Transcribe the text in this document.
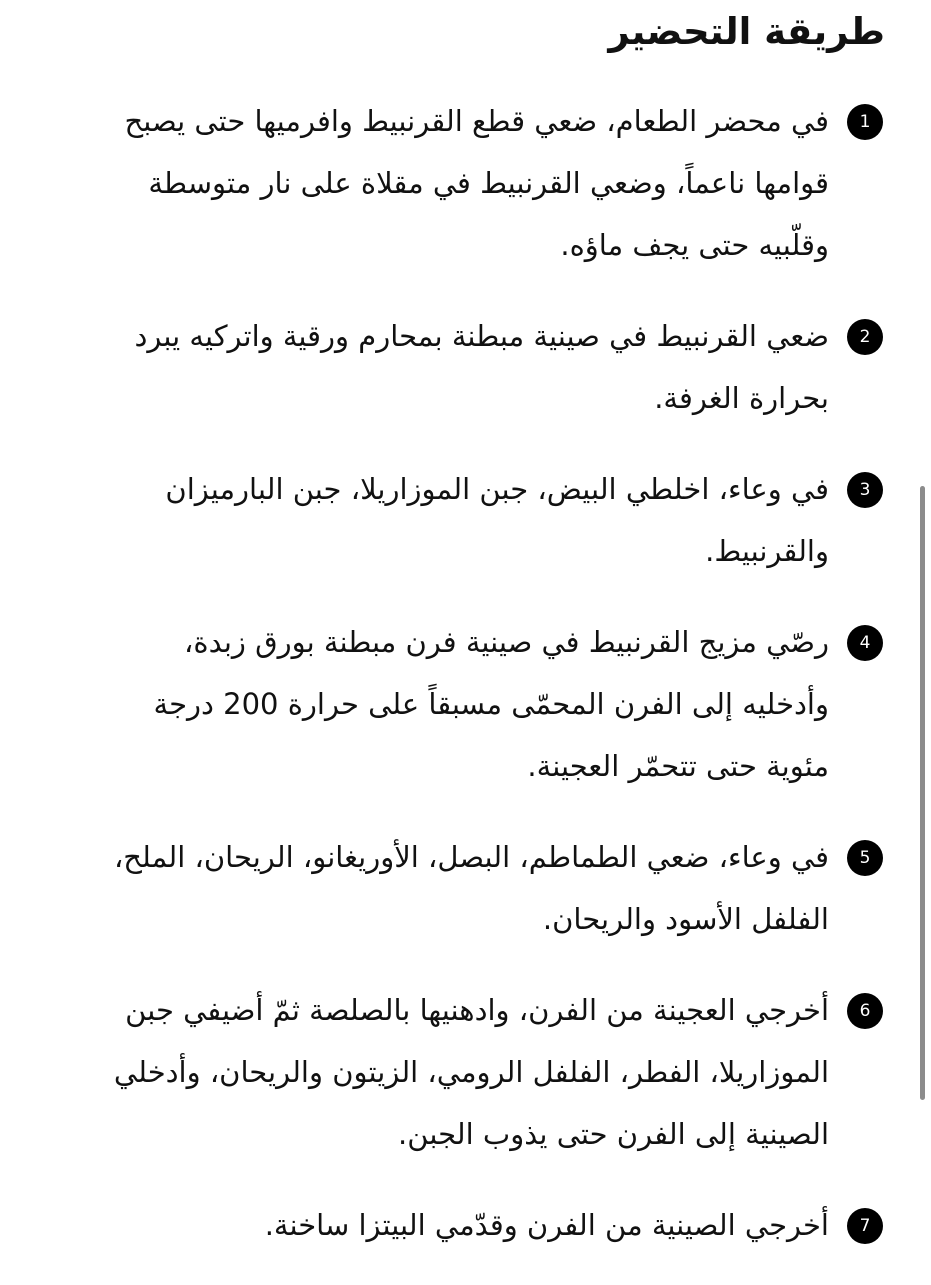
طريقة التحضير
1
في محضر الطعام، ضعي قطع القرنبيط وافرميها حتى يصبح قوامها ناعماً، وضعي القرنبيط في مقلاة على نار متوسطة وقلّبيه حتى يجف ماؤه.
2
ضعي القرنبيط في صينية مبطنة بمحارم ورقية واتركيه يبرد بحرارة الغرفة.
3
في وعاء، اخلطي البيض، جبن الموزاريلا، جبن البارميزان والقرنبيط.
4
رصّي مزيج القرنبيط في صينية فرن مبطنة بورق زبدة، وأدخليه إلى الفرن المحمّى مسبقاً على حرارة 200 درجة مئوية حتى تتحمّر العجينة.
5
في وعاء، ضعي الطماطم، البصل، الأوريغانو، الريحان، الملح، الفلفل الأسود والريحان.
6
أخرجي العجينة من الفرن، وادهنيها بالصلصة ثمّ أضيفي جبن الموزاريلا، الفطر، الفلفل الرومي، الزيتون والريحان، وأدخلي الصينية إلى الفرن حتى يذوب الجبن.
7
أخرجي الصينية من الفرن وقدّمي البيتزا ساخنة.
